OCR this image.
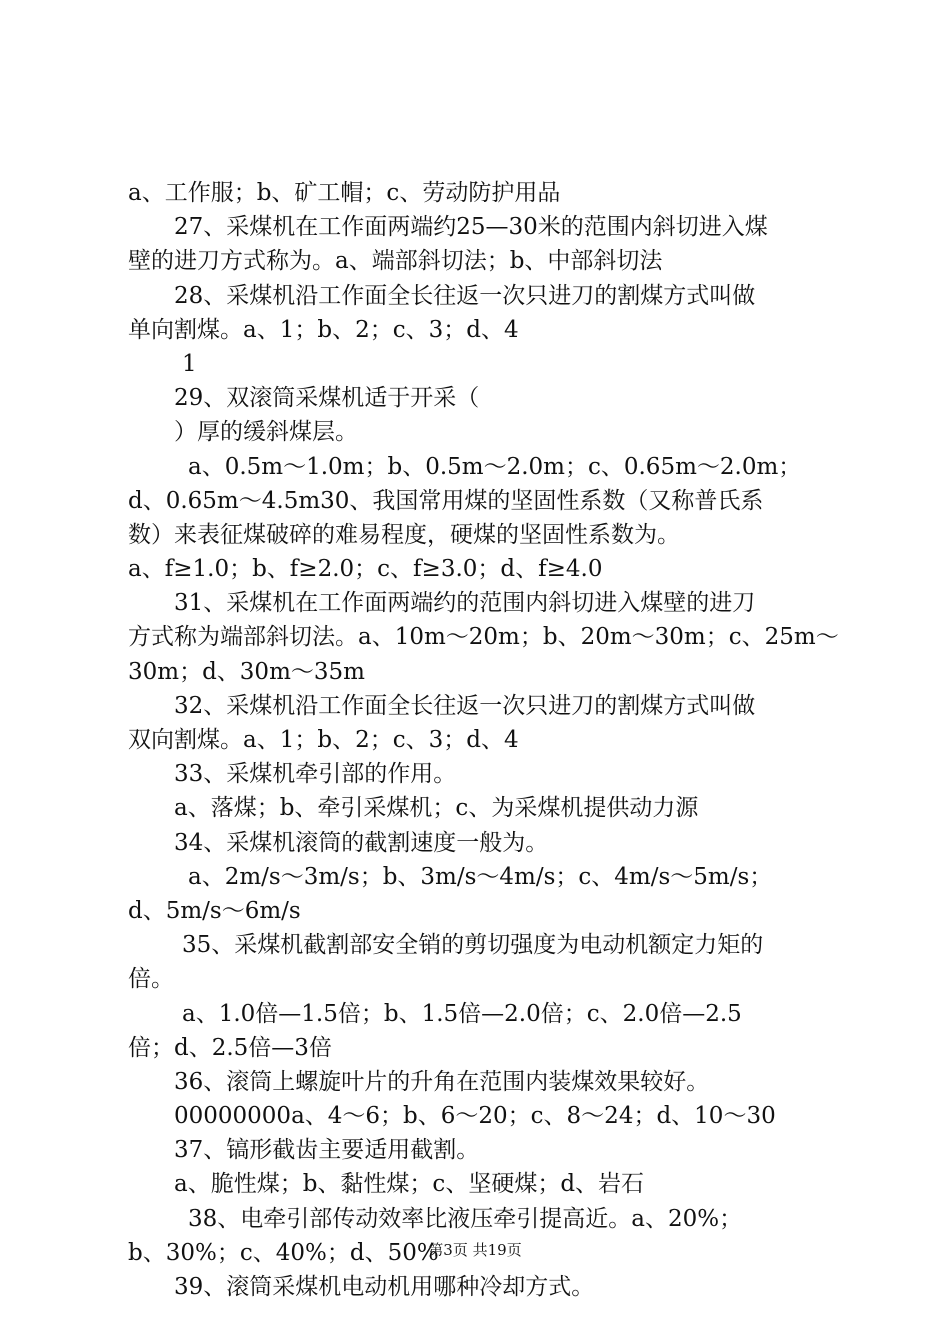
a、工作服；b、矿工帽；c、劳动防护用品
27、采煤机在工作面两端约25—30米的范围内斜切进入煤
壁的进刀方式称为。a、端部斜切法；b、中部斜切法
28、采煤机沿工作面全长往返一次只进刀的割煤方式叫做
单向割煤。a、1；b、2；c、3；d、4
1
29、双滚筒采煤机适于开采（
）厚的缓斜煤层。
a、0.5m～1.0m；b、0.5m～2.0m；c、0.65m～2.0m；
d、0.65m～4.5m30、我国常用煤的坚固性系数（又称普氏系
数）来表征煤破碎的难易程度，硬煤的坚固性系数为。
a、f≥1.0；b、f≥2.0；c、f≥3.0；d、f≥4.0
31、采煤机在工作面两端约的范围内斜切进入煤壁的进刀
方式称为端部斜切法。a、10m～20m；b、20m～30m；c、25m～
30m；d、30m～35m
32、采煤机沿工作面全长往返一次只进刀的割煤方式叫做
双向割煤。a、1；b、2；c、3；d、4
33、采煤机牵引部的作用。
a、落煤；b、牵引采煤机；c、为采煤机提供动力源
34、采煤机滚筒的截割速度一般为。
a、2m/s～3m/s；b、3m/s～4m/s；c、4m/s～5m/s；
d、5m/s～6m/s
35、采煤机截割部安全销的剪切强度为电动机额定力矩的
倍。
a、1.0倍—1.5倍；b、1.5倍—2.0倍；c、2.0倍—2.5
倍；d、2.5倍—3倍
36、滚筒上螺旋叶片的升角在范围内装煤效果较好。
00000000a、4～6；b、6～20；c、8～24；d、10～30
37、镐形截齿主要适用截割。
a、脆性煤；b、黏性煤；c、坚硬煤；d、岩石
38、电牵引部传动效率比液压牵引提高近。a、20%；
b、30%；c、40%；d、50%
39、滚筒采煤机电动机用哪种冷却方式。
第3页 共19页
